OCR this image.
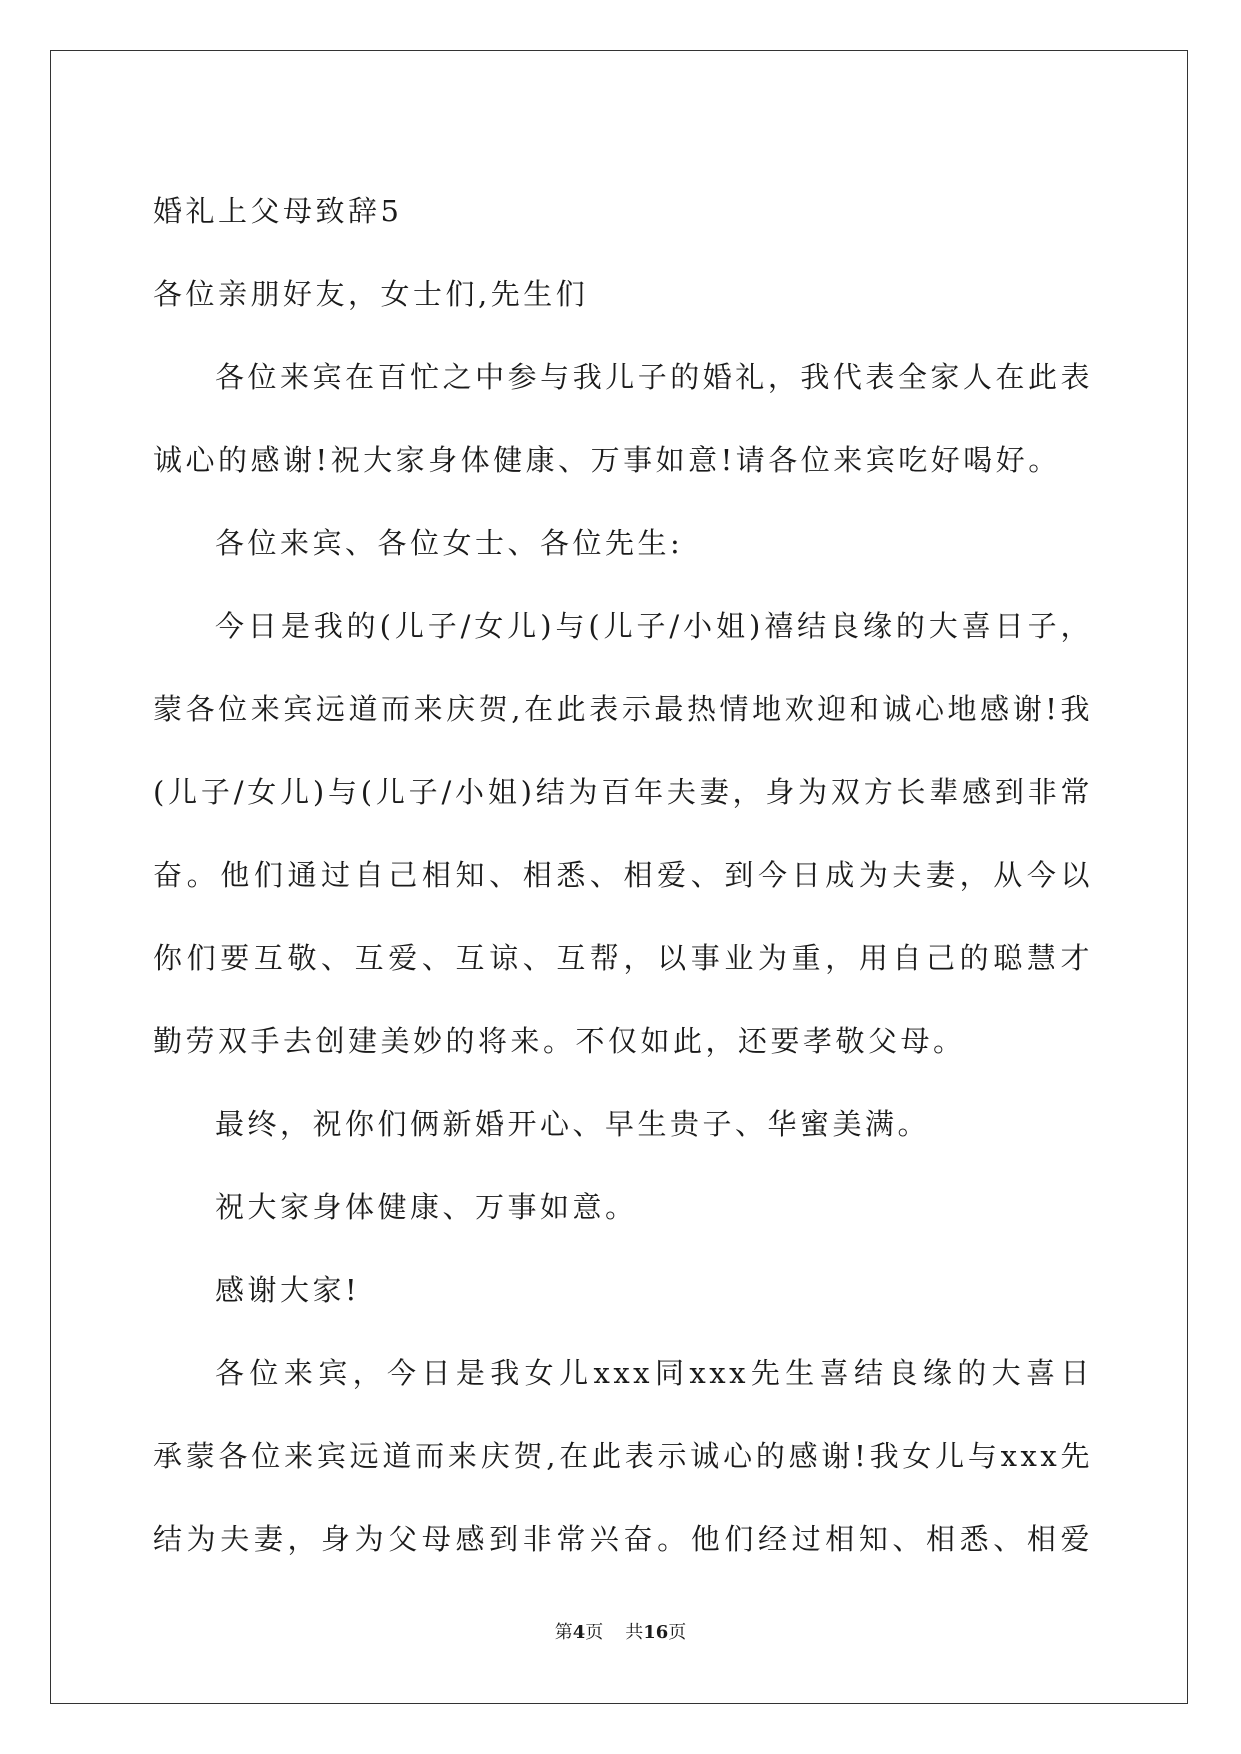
婚礼上父母致辞5
各位亲朋好友，女士们,先生们
各位来宾在百忙之中参与我儿子的婚礼，我代表全家人在此表
诚心的感谢!祝大家身体健康、万事如意!请各位来宾吃好喝好。
各位来宾、各位女士、各位先生:
今日是我的(儿子/女儿)与(儿子/小姐)禧结良缘的大喜日子，
蒙各位来宾远道而来庆贺,在此表示最热情地欢迎和诚心地感谢!我
(儿子/女儿)与(儿子/小姐)结为百年夫妻，身为双方长辈感到非常
奋。他们通过自己相知、相悉、相爱、到今日成为夫妻，从今以
你们要互敬、互爱、互谅、互帮，以事业为重，用自己的聪慧才
勤劳双手去创建美妙的将来。不仅如此，还要孝敬父母。
最终，祝你们俩新婚开心、早生贵子、华蜜美满。
祝大家身体健康、万事如意。
感谢大家!
各位来宾，今日是我女儿xxx同xxx先生喜结良缘的大喜日
承蒙各位来宾远道而来庆贺,在此表示诚心的感谢!我女儿与xxx先
结为夫妻，身为父母感到非常兴奋。他们经过相知、相悉、相爱
第4页 共16页
